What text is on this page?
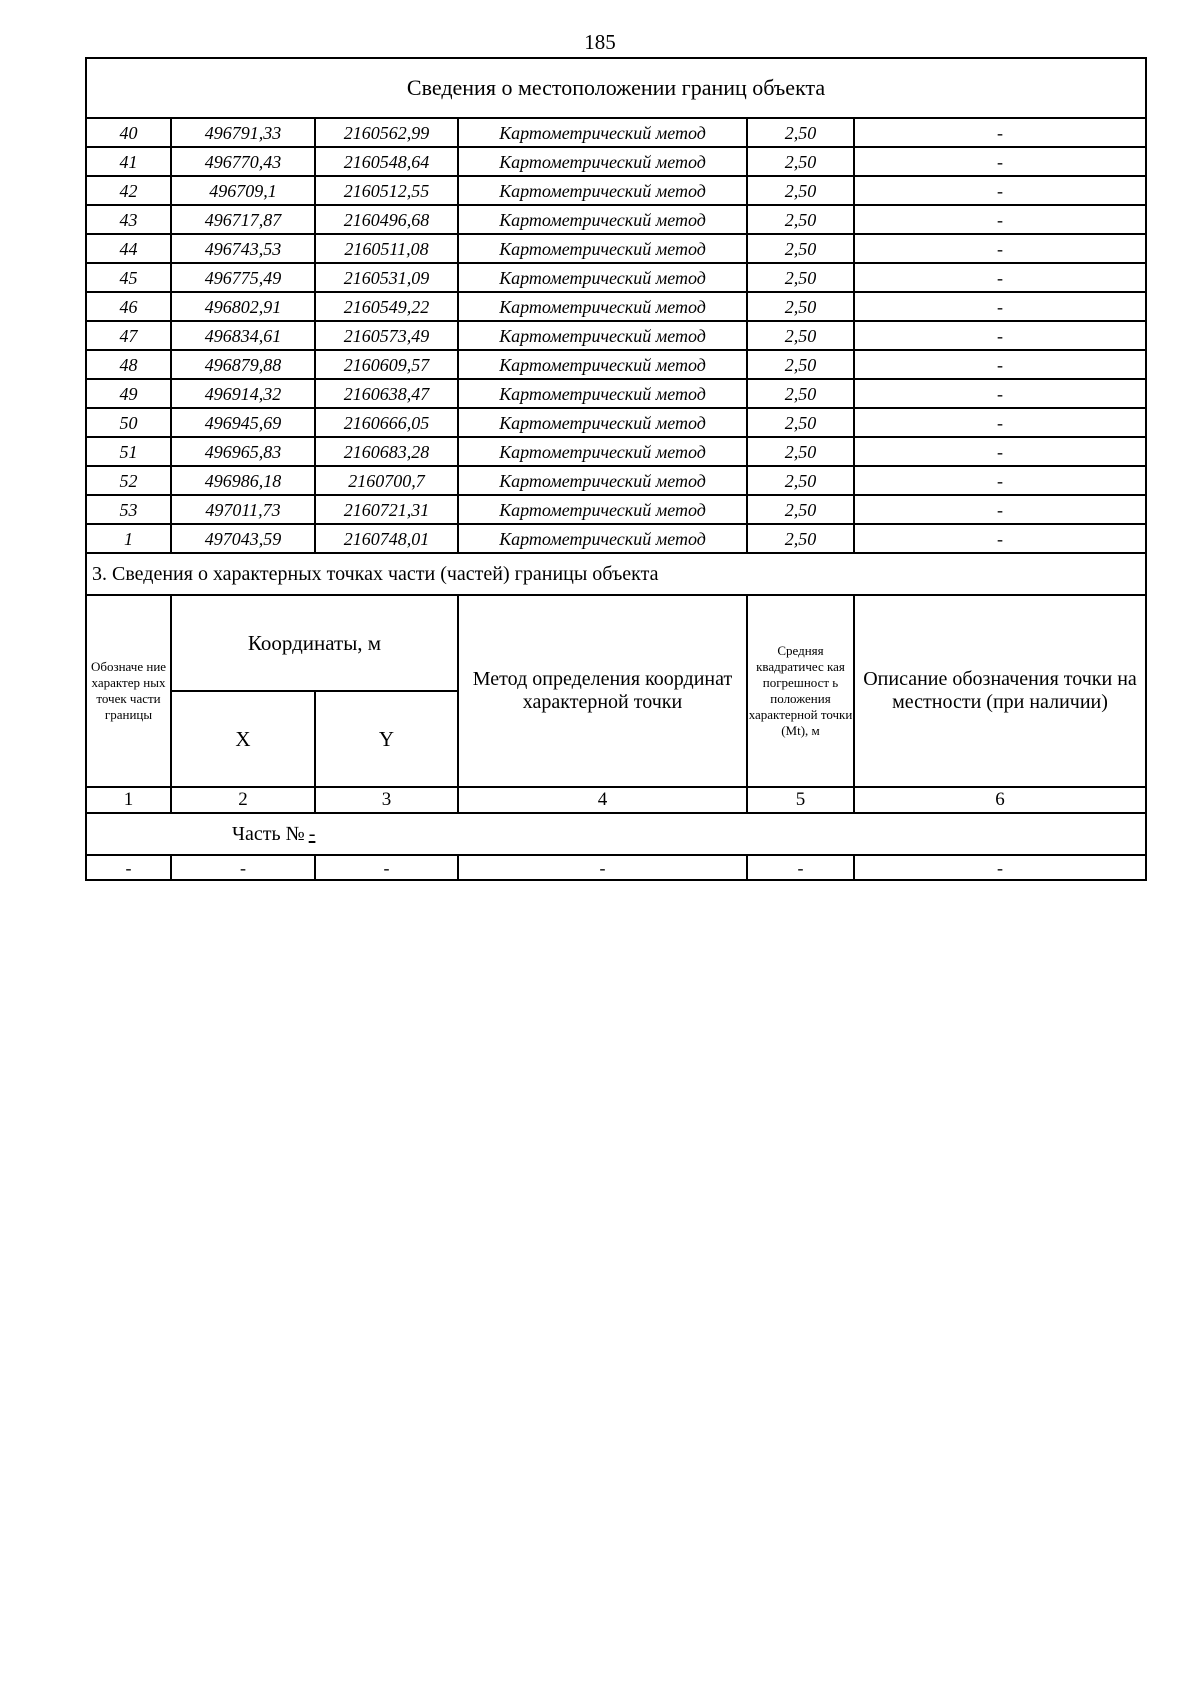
185
Сведения о местоположении границ объекта					
40	496791,33	2160562,99	Картометрический метод	2,50	-
41	496770,43	2160548,64	Картометрический метод	2,50	-
42	496709,1	2160512,55	Картометрический метод	2,50	-
43	496717,87	2160496,68	Картометрический метод	2,50	-
44	496743,53	2160511,08	Картометрический метод	2,50	-
45	496775,49	2160531,09	Картометрический метод	2,50	-
46	496802,91	2160549,22	Картометрический метод	2,50	-
47	496834,61	2160573,49	Картометрический метод	2,50	-
48	496879,88	2160609,57	Картометрический метод	2,50	-
49	496914,32	2160638,47	Картометрический метод	2,50	-
50	496945,69	2160666,05	Картометрический метод	2,50	-
51	496965,83	2160683,28	Картометрический метод	2,50	-
52	496986,18	2160700,7	Картометрический метод	2,50	-
53	497011,73	2160721,31	Картометрический метод	2,50	-
1	497043,59	2160748,01	Картометрический метод	2,50	-
3. Сведения о характерных точках части (частей) границы объекта					
Обозначе ние характер ных точек части границы	Координаты, м		Метод определения координат характерной точки	Средняя квадратичес кая погрешност ь положения характерной точки (Mt), м	Описание обозначения точки на местности (при наличии)
	X	Y			
1	2	3	4	5	6
Часть № -					
-	-	-	-	-	-
